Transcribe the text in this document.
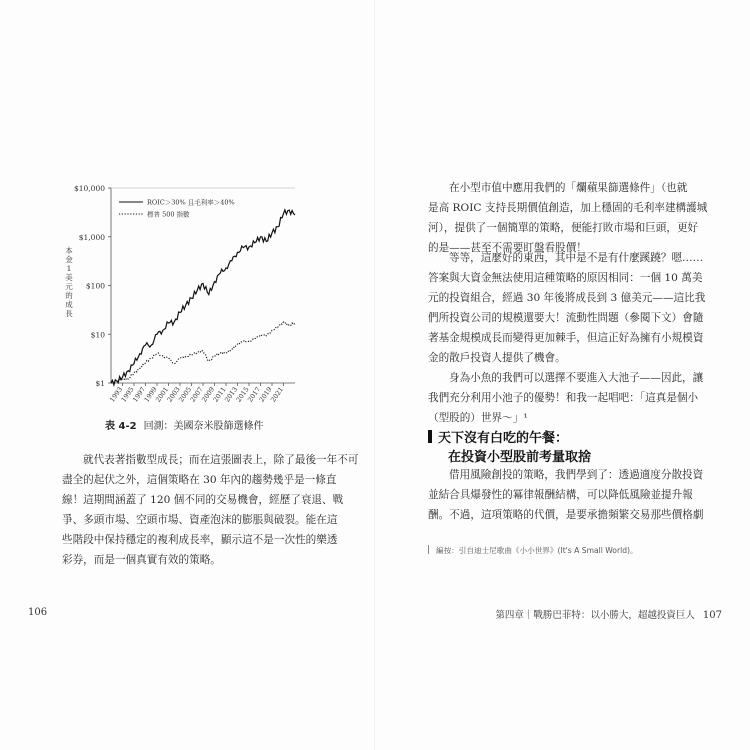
$1
$10
$100
$1,000
$10,000
1993
1995
1997
1999
2001
2003
2005
2007
2009
2011
2013
2015
2017
2019
2021
本金 1 美元的成長
ROIC＞30% 且毛利率＞40%
標普 500 指數
表 4-2 回測：美國奈米股篩選條件

就代表著指數型成長；而在這張圖表上，除了最後一年不可
盡全的起伏之外，這個策略在 30 年內的趨勢幾乎是一條直
線！這期間涵蓋了 120 個不同的交易機會，經歷了衰退、戰
爭、多頭市場、空頭市場、資產泡沫的膨脹與破裂。能在這
些階段中保持穩定的複利成長率，顯示這不是一次性的樂透
彩券，而是一個真實有效的策略。

106

在小型市值中應用我們的「爛蘋果篩選條件」（也就
是高 ROIC 支持長期價值創造，加上穩固的毛利率建構護城
河），提供了一個簡單的策略，便能打敗市場和巨頭，更好
的是——甚至不需要盯盤看股價！

等等，這麼好的東西，其中是不是有什麼蹊蹺？嗯……
答案與大資金無法使用這種策略的原因相同：一個 10 萬美
元的投資組合，經過 30 年後將成長到 3 億美元——這比我
們所投資公司的規模還要大！流動性問題（參閱下文）會隨
著基金規模成長而變得更加棘手，但這正好為擁有小規模資
金的散戶投資人提供了機會。

身為小魚的我們可以選擇不要進入大池子——因此，讓
我們充分利用小池子的優勢！和我一起唱吧：「這真是個小
（型股的）世界～」¹

天下沒有白吃的午餐：
在投資小型股前考量取捨

借用風險創投的策略，我們學到了：透過適度分散投資
並結合具爆發性的冪律報酬結構，可以降低風險並提升報
酬。不過，這項策略的代價，是要承擔頻繁交易那些價格劇

編按：引自迪士尼歌曲《小小世界》(It's A Small World)。
第四章｜戰勝巴菲特：以小勝大，超越投資巨人 107
